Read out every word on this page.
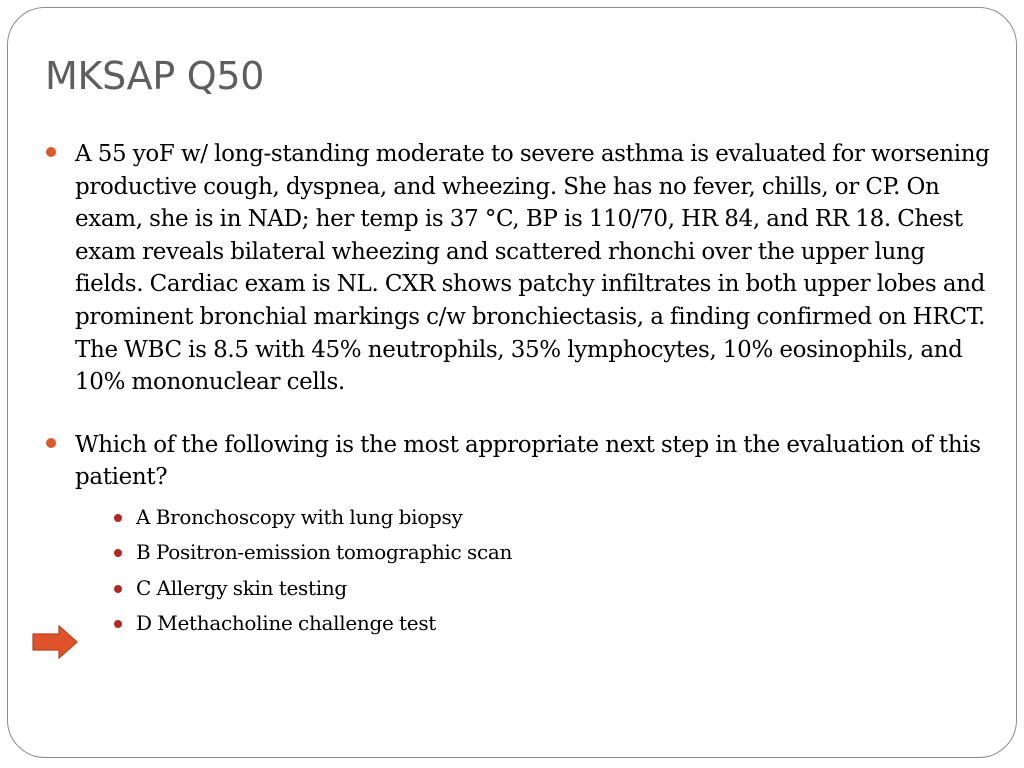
MKSAP Q50
A 55 yoF w/ long-standing moderate to severe asthma is evaluated for worsening productive cough, dyspnea, and wheezing. She has no fever, chills, or CP. On exam, she is in NAD; her temp is 37 °C, BP is 110/70, HR 84, and RR 18. Chest exam reveals bilateral wheezing and scattered rhonchi over the upper lung fields. Cardiac exam is NL. CXR shows patchy infiltrates in both upper lobes and prominent bronchial markings c/w bronchiectasis, a finding confirmed on HRCT. The WBC is 8.5 with 45% neutrophils, 35% lymphocytes, 10% eosinophils, and 10% mononuclear cells.
Which of the following is the most appropriate next step in the evaluation of this patient?
A Bronchoscopy with lung biopsy
B Positron-emission tomographic scan
C Allergy skin testing
D Methacholine challenge test
